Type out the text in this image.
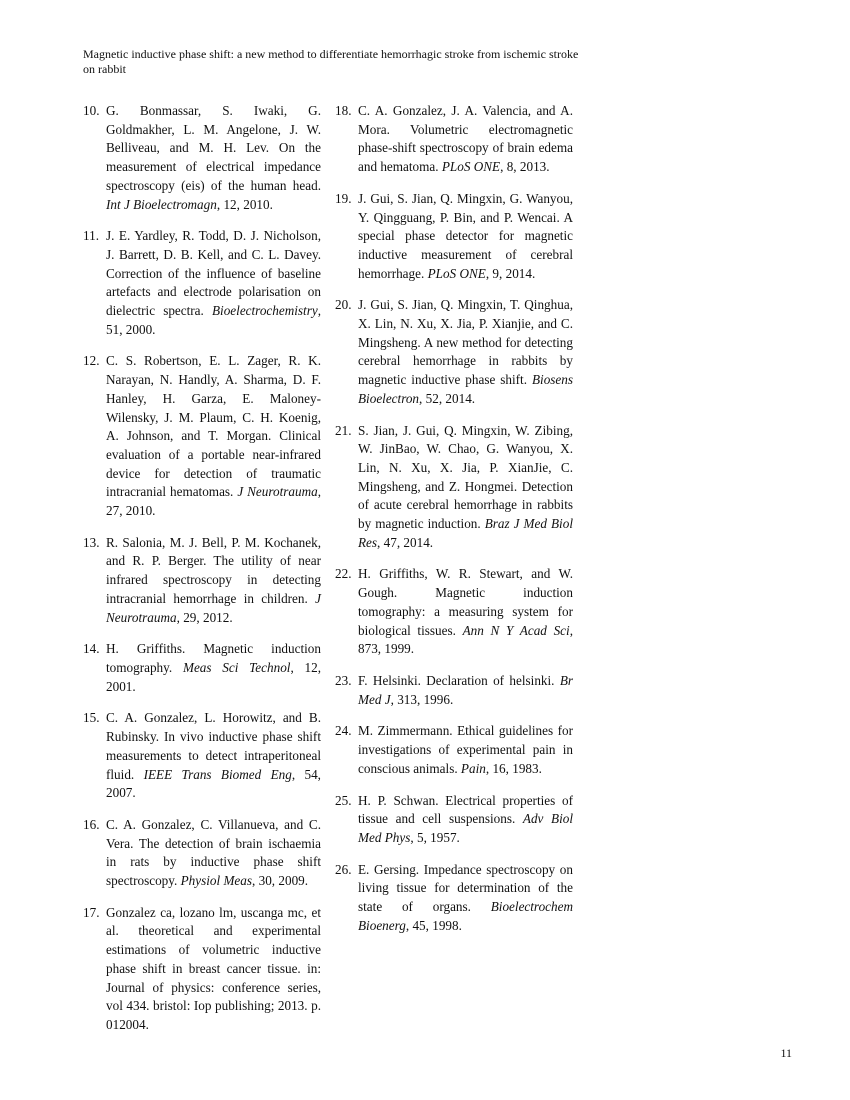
Magnetic inductive phase shift: a new method to differentiate hemorrhagic stroke from ischemic stroke on rabbit
10. G. Bonmassar, S. Iwaki, G. Goldmakher, L. M. Angelone, J. W. Belliveau, and M. H. Lev. On the measurement of electrical impedance spectroscopy (eis) of the human head. Int J Bioelectromagn, 12, 2010.
11. J. E. Yardley, R. Todd, D. J. Nicholson, J. Barrett, D. B. Kell, and C. L. Davey. Correction of the influence of baseline artefacts and electrode polarisation on dielectric spectra. Bioelectrochemistry, 51, 2000.
12. C. S. Robertson, E. L. Zager, R. K. Narayan, N. Handly, A. Sharma, D. F. Hanley, H. Garza, E. Maloney-Wilensky, J. M. Plaum, C. H. Koenig, A. Johnson, and T. Morgan. Clinical evaluation of a portable near-infrared device for detection of traumatic intracranial hematomas. J Neurotrauma, 27, 2010.
13. R. Salonia, M. J. Bell, P. M. Kochanek, and R. P. Berger. The utility of near infrared spectroscopy in detecting intracranial hemorrhage in children. J Neurotrauma, 29, 2012.
14. H. Griffiths. Magnetic induction tomography. Meas Sci Technol, 12, 2001.
15. C. A. Gonzalez, L. Horowitz, and B. Rubinsky. In vivo inductive phase shift measurements to detect intraperitoneal fluid. IEEE Trans Biomed Eng, 54, 2007.
16. C. A. Gonzalez, C. Villanueva, and C. Vera. The detection of brain ischaemia in rats by inductive phase shift spectroscopy. Physiol Meas, 30, 2009.
17. Gonzalez ca, lozano lm, uscanga mc, et al. theoretical and experimental estimations of volumetric inductive phase shift in breast cancer tissue. in: Journal of physics: conference series, vol 434. bristol: Iop publishing; 2013. p. 012004.
18. C. A. Gonzalez, J. A. Valencia, and A. Mora. Volumetric electromagnetic phase-shift spectroscopy of brain edema and hematoma. PLoS ONE, 8, 2013.
19. J. Gui, S. Jian, Q. Mingxin, G. Wanyou, Y. Qingguang, P. Bin, and P. Wencai. A special phase detector for magnetic inductive measurement of cerebral hemorrhage. PLoS ONE, 9, 2014.
20. J. Gui, S. Jian, Q. Mingxin, T. Qinghua, X. Lin, N. Xu, X. Jia, P. Xianjie, and C. Mingsheng. A new method for detecting cerebral hemorrhage in rabbits by magnetic inductive phase shift. Biosens Bioelectron, 52, 2014.
21. S. Jian, J. Gui, Q. Mingxin, W. Zibing, W. JinBao, W. Chao, G. Wanyou, X. Lin, N. Xu, X. Jia, P. XianJie, C. Mingsheng, and Z. Hongmei. Detection of acute cerebral hemorrhage in rabbits by magnetic induction. Braz J Med Biol Res, 47, 2014.
22. H. Griffiths, W. R. Stewart, and W. Gough. Magnetic induction tomography: a measuring system for biological tissues. Ann N Y Acad Sci, 873, 1999.
23. F. Helsinki. Declaration of helsinki. Br Med J, 313, 1996.
24. M. Zimmermann. Ethical guidelines for investigations of experimental pain in conscious animals. Pain, 16, 1983.
25. H. P. Schwan. Electrical properties of tissue and cell suspensions. Adv Biol Med Phys, 5, 1957.
26. E. Gersing. Impedance spectroscopy on living tissue for determination of the state of organs. Bioelectrochem Bioenerg, 45, 1998.
11
